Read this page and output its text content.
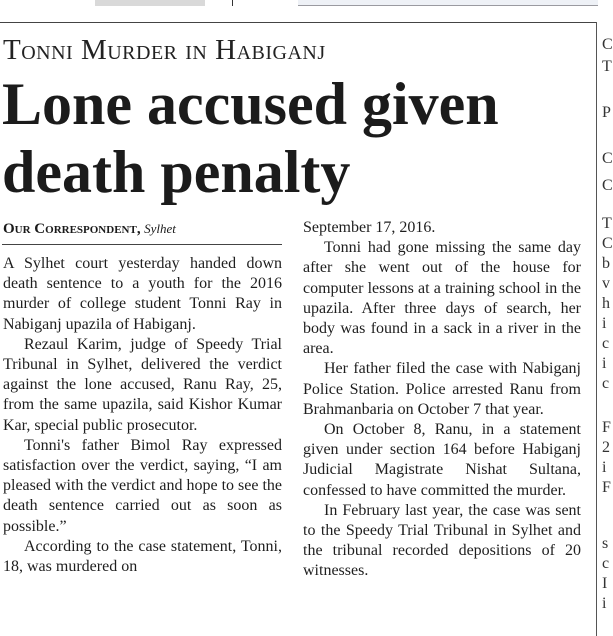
Tonni Murder in Habiganj
Lone accused given death penalty
Our Correspondent, Sylhet

A Sylhet court yesterday handed down death sentence to a youth for the 2016 murder of college student Tonni Ray in Nabiganj upazila of Habiganj.

Rezaul Karim, judge of Speedy Trial Tribunal in Sylhet, delivered the verdict against the lone accused, Ranu Ray, 25, from the same upazila, said Kishor Kumar Kar, special public prosecutor.

Tonni's father Bimol Ray expressed satisfaction over the verdict, saying, “I am pleased with the verdict and hope to see the death sentence carried out as soon as possible.”

According to the case statement, Tonni, 18, was murdered on

September 17, 2016.

Tonni had gone missing the same day after she went out of the house for computer lessons at a training school in the upazila. After three days of search, her body was found in a sack in a river in the area.

Her father filed the case with Nabiganj Police Station. Police arrested Ranu from Brahmanbaria on October 7 that year.

On October 8, Ranu, in a statement given under section 164 before Habiganj Judicial Magistrate Nishat Sultana, confessed to have committed the murder.

In February last year, the case was sent to the Speedy Trial Tribunal in Sylhet and the tribunal recorded depositions of 20 witnesses.

C
T
P
C
C
T
C
b
v
h
i
c
i
c
F
2
i
F
s
c
I
i
